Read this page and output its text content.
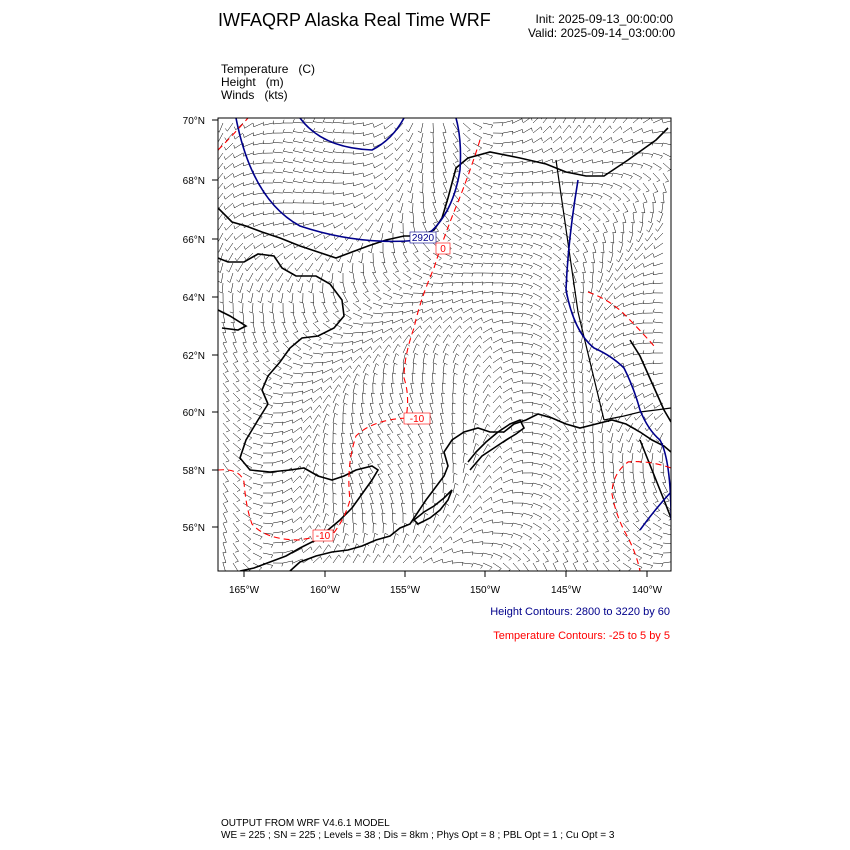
IWFAQRP Alaska Real Time WRF	Init: 2025-09-13_00:00:00
Valid: 2025-09-14_03:00:00
Temperature   (C)
Height   (m)
Winds   (kts)
2920
0
-10
-10
70°N
68°N
66°N
64°N
62°N
60°N
58°N
56°N
165°W	160°W	155°W	150°W	145°W	140°W
Height Contours: 2800 to 3220 by 60
Temperature Contours: -25 to 5 by 5
OUTPUT FROM WRF V4.6.1 MODEL
WE = 225 ; SN = 225 ; Levels = 38 ; Dis = 8km ; Phys Opt = 8 ; PBL Opt = 1 ; Cu Opt = 3
